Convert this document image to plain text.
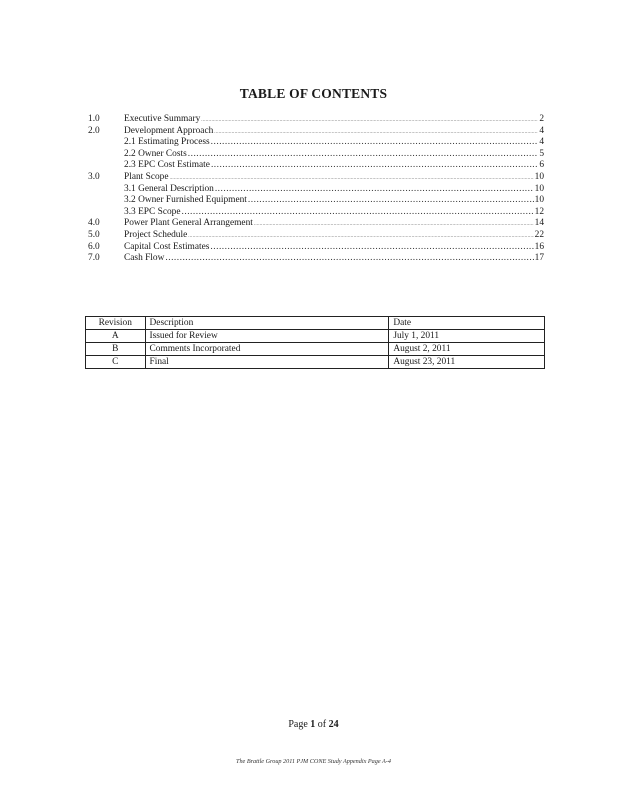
TABLE OF CONTENTS
1.0	Executive Summary .....	2
2.0	Development Approach .....	4
2.1 Estimating Process .....	4
2.2 Owner Costs .....	5
2.3 EPC Cost Estimate .....	6
3.0	Plant Scope .....	10
3.1 General Description .....	10
3.2 Owner Furnished Equipment .....	10
3.3 EPC Scope .....	12
4.0	Power Plant General Arrangement .....	14
5.0	Project Schedule .....	22
6.0	Capital Cost Estimates .....	16
7.0	Cash Flow .....	17
Revision	Description	Date
A	Issued for Review	July 1, 2011
B	Comments Incorporated	August 2, 2011
C	Final	August 23, 2011
Page 1 of 24
The Brattle Group 2011 PJM CONE Study Appendix Page A-4
